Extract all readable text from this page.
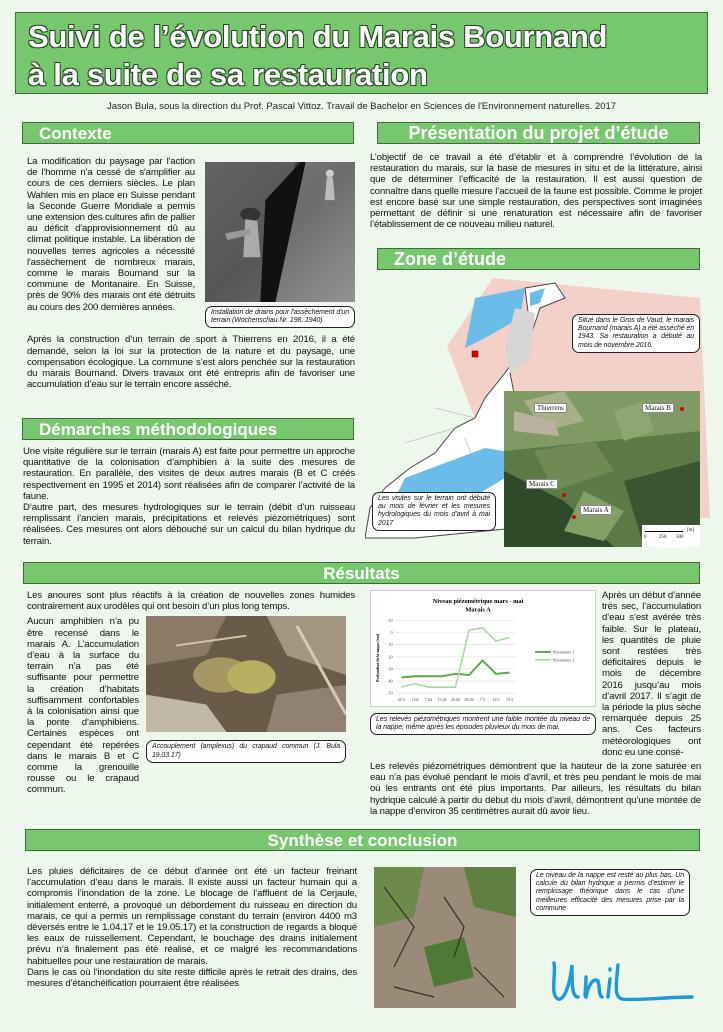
Suivi de l’évolution du Marais Bournand
à la suite de sa restauration
Jason Bula, sous la direction du Prof. Pascal Vittoz. Travail de Bachelor en Sciences de l'Environnement naturelles. 2017
Contexte
La modification du paysage par l'action de l'homme n'a cessé de s'amplifier au cours de ces derniers siècles. Le plan Wahlen mis en place en Suisse pendant la Seconde Guerre Mondiale a permis une extension des cultures afin de pallier au déficit d'approvisionnement dû au climat politique instable. La libération de nouvelles terres agricoles a nécessité l'assèchement de nombreux marais, comme le marais Bournand sur la commune de Montanaire. En Suisse, près de 90% des marais ont été détruits au cours des 200 dernières années.	Installation de drains pour l'assèchement d'un terrain (Wochenschau Nr. 198, 1940)
Après la construction d’un terrain de sport à Thierrens en 2016, il a été demandé, selon la loi sur la protection de la nature et du paysage, une compensation écologique. La commune s’est alors penchée sur la restauration du marais Bournand. Divers travaux ont été entrepris afin de favoriser une accumulation d’eau sur le terrain encore asséché.
Démarches méthodologiques
Une visite régulière sur le terrain (marais A) est faite pour permettre un approche quantitative de la colonisation d’amphibien à la suite des mesures de restauration. En parallèle, des visites de deux autres marais (B et C créés respectivement en 1995 et 2014) sont réalisées afin de comparer l’activité de la faune.
D’autre part, des mesures hydrologiques sur le terrain (débit d’un ruisseau remplissant l’ancien marais, précipitations et relevés piézométriques) sont réalisées. Ces mesures ont alors débouché sur un calcul du bilan hydrique du terrain.
Présentation du projet d’étude
L’objectif de ce travail a été d’établir et à comprendre l’évolution de la restauration du marais, sur la base de mesures in situ et de la littérature, ainsi que de déterminer l’efficacité de la restauration. Il est aussi question de connaître dans quelle mesure l’accueil de la faune est possible. Comme le projet est encore basé sur une simple restauration, des perspectives sont imaginées permettant de définir si une renaturation est nécessaire afin de favoriser l’établissement de ce nouveau milieu naturel.
Zone d’étude
Thierrens	Marais B
Marais C
Marais A
0	250 500
[m]
Situé dans le Gros de Vaud, le marais Bournand (marais A) a été asséché en 1943. Sa restauration a débuté au mois de novembre 2016.
Les visites sur le terrain ont débuté au mois de février et les mesures hydrologiques du mois d’avril à mai 2017
Résultats
Les anoures sont plus réactifs à la création de nouvelles zones humides contrairement aux urodèles qui ont besoin d’un plus long temps.
Aucun amphibien n’a pu être recensé dans le marais A. L’accumulation d’eau à la surface du terrain n’a pas été suffisante pour permettre la création d’habitats suffisamment confortables à la colonisation ainsi que la ponte d’amphibiens. Certaines espèces ont cependant été repérées dans le marais B et C comme la grenouille rousse ou le crapaud commun.
Accouplement (amplexus) du crapaud commun (J. Bula 19.03.17)
Niveau piézométrique mars - mai
Marais A
Profondeur de la nappe [cm]
-10
0
10
20
30
40
50
25.3 1.04 7.04 15.04 20.04 29.04 7.5 14.5 19.5
Piézomètre 1
Piézomètre 2
Les relevés piézométriques montrent une faible montée du niveau de la nappe, même après les épisodes pluvieux du mois de mai.
Après un début d’année très sec, l’accumulation d’eau s’est avérée très faible. Sur le plateau, les quantités de pluie sont restées très déficitaires depuis le mois de décembre 2016 jusqu’au mois d’avril 2017. Il s’agit de la période la plus sèche remarquée depuis 25 ans. Ces facteurs météorologiques ont donc eu une consé-
Les relevés piézométriques démontrent que la hauteur de la zone saturée en eau n’a pas évolué pendant le mois d’avril, et très peu pendant le mois de mai où les entrants ont été plus importants. Par ailleurs, les résultats du bilan hydrique calculé à partir du début du mois d’avril, démontrent qu’une montée de la nappe d’environ 35 centimètres aurait dû avoir lieu.
Synthèse et conclusion
Les pluies déficitaires de ce début d’année ont été un facteur freinant l’accumulation d’eau dans le marais. Il existe aussi un facteur humain qui a compromis l’inondation de la zone. Le blocage de l’affluent de la Cerjaule, initialement enterré, a provoqué un débordement du ruisseau en direction du marais, ce qui a permis un remplissage constant du terrain (environ 4400 m3 déversés entre le 1.04.17 et le 19.05.17) et la construction de regards a bloqué les eaux de ruissellement. Cependant, le bouchage des drains initialement prévu n’a finalement pas été réalisé, et ce malgré les recommandations habituelles pour une restauration de marais.
Dans le cas où l’inondation du site reste difficile après le retrait des drains, des mesures d’étanchéification pourraient être réalisées
Le niveau de la nappe est resté au plus bas. Un calcule du bilan hydrique a permis d’estimer le remplissage théorique dans le cas d’une meilleures efficacité des mesures prise par la commune
